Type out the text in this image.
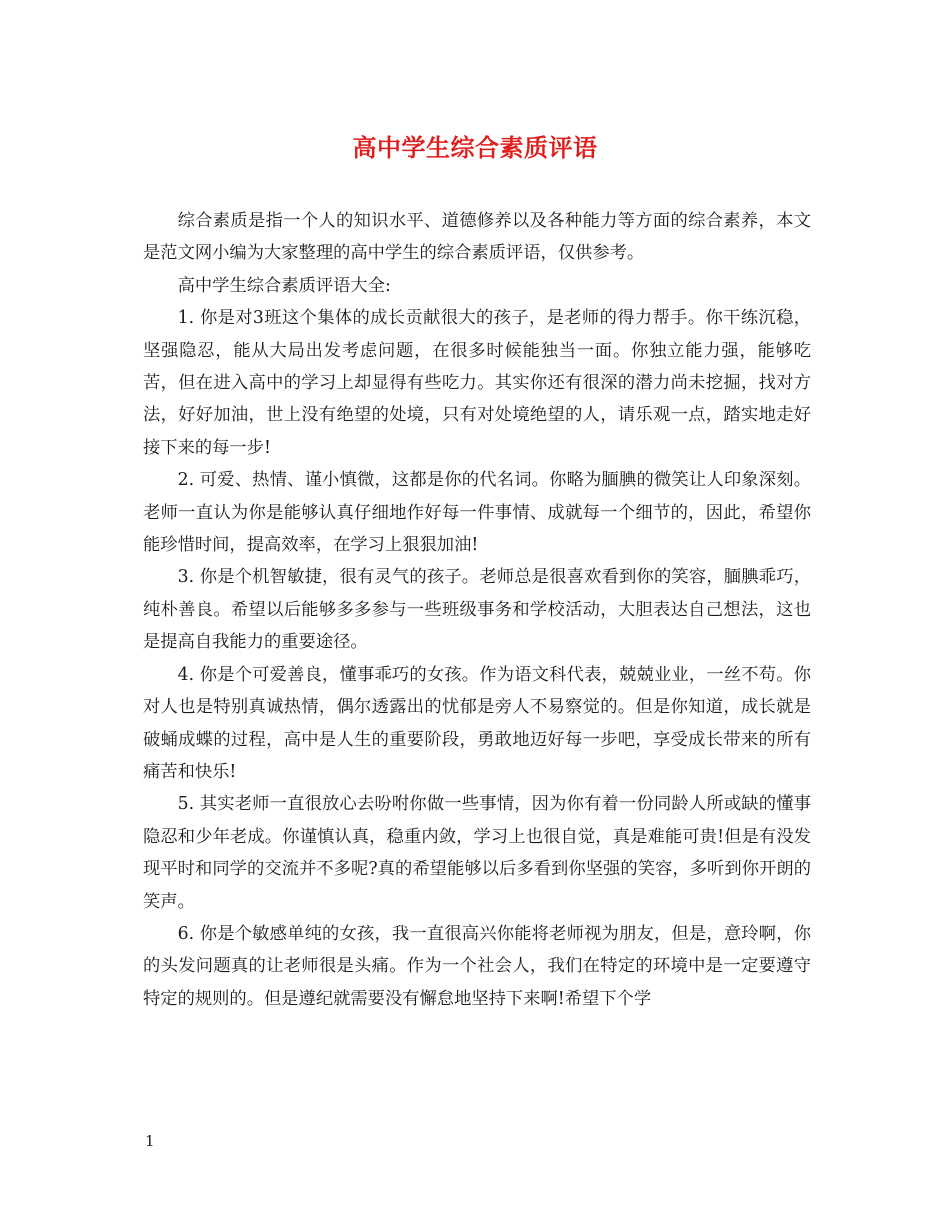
高中学生综合素质评语

综合素质是指一个人的知识水平、道德修养以及各种能力等方面的综合素养，本文是范文网小编为大家整理的高中学生的综合素质评语，仅供参考。

高中学生综合素质评语大全:

1. 你是对3班这个集体的成长贡献很大的孩子，是老师的得力帮手。你干练沉稳，坚强隐忍，能从大局出发考虑问题，在很多时候能独当一面。你独立能力强，能够吃苦，但在进入高中的学习上却显得有些吃力。其实你还有很深的潜力尚未挖掘，找对方法，好好加油，世上没有绝望的处境，只有对处境绝望的人，请乐观一点，踏实地走好接下来的每一步!

2. 可爱、热情、谨小慎微，这都是你的代名词。你略为腼腆的微笑让人印象深刻。老师一直认为你是能够认真仔细地作好每一件事情、成就每一个细节的，因此，希望你能珍惜时间，提高效率，在学习上狠狠加油!

3. 你是个机智敏捷，很有灵气的孩子。老师总是很喜欢看到你的笑容，腼腆乖巧，纯朴善良。希望以后能够多多参与一些班级事务和学校活动，大胆表达自己想法，这也是提高自我能力的重要途径。

4. 你是个可爱善良，懂事乖巧的女孩。作为语文科代表，兢兢业业，一丝不苟。你对人也是特别真诚热情，偶尔透露出的忧郁是旁人不易察觉的。但是你知道，成长就是破蛹成蝶的过程，高中是人生的重要阶段，勇敢地迈好每一步吧，享受成长带来的所有痛苦和快乐!

5. 其实老师一直很放心去吩咐你做一些事情，因为你有着一份同龄人所或缺的懂事隐忍和少年老成。你谨慎认真，稳重内敛，学习上也很自觉，真是难能可贵!但是有没发现平时和同学的交流并不多呢?真的希望能够以后多看到你坚强的笑容，多听到你开朗的笑声。

6. 你是个敏感单纯的女孩，我一直很高兴你能将老师视为朋友，但是，意玲啊，你的头发问题真的让老师很是头痛。作为一个社会人，我们在特定的环境中是一定要遵守特定的规则的。但是遵纪就需要没有懈怠地坚持下来啊!希望下个学

1
